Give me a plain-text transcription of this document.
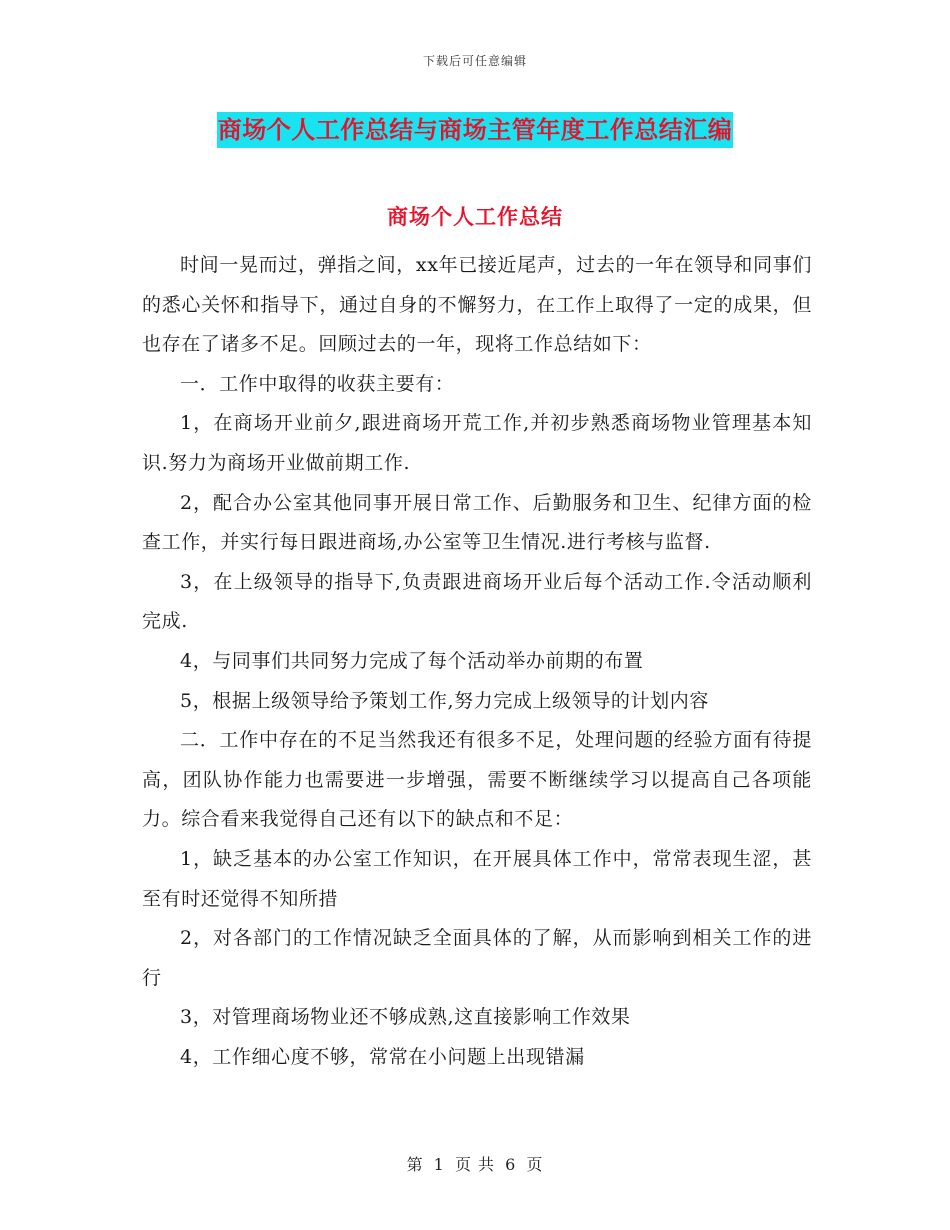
下载后可任意编辑
商场个人工作总结与商场主管年度工作总结汇编
商场个人工作总结

时间一晃而过，弹指之间，xx年已接近尾声，过去的一年在领导和同事们的悉心关怀和指导下，通过自身的不懈努力，在工作上取得了一定的成果，但也存在了诸多不足。回顾过去的一年，现将工作总结如下：

一．工作中取得的收获主要有：

1，在商场开业前夕,跟进商场开荒工作,并初步熟悉商场物业管理基本知识.努力为商场开业做前期工作.

2，配合办公室其他同事开展日常工作、后勤服务和卫生、纪律方面的检查工作，并实行每日跟进商场,办公室等卫生情况.进行考核与监督.

3，在上级领导的指导下,负责跟进商场开业后每个活动工作.令活动顺利完成.

4，与同事们共同努力完成了每个活动举办前期的布置

5，根据上级领导给予策划工作,努力完成上级领导的计划内容

二．工作中存在的不足当然我还有很多不足，处理问题的经验方面有待提高，团队协作能力也需要进一步增强，需要不断继续学习以提高自己各项能力。综合看来我觉得自己还有以下的缺点和不足：

1，缺乏基本的办公室工作知识，在开展具体工作中，常常表现生涩，甚至有时还觉得不知所措

2，对各部门的工作情况缺乏全面具体的了解，从而影响到相关工作的进行

3，对管理商场物业还不够成熟,这直接影响工作效果

4，工作细心度不够，常常在小问题上出现错漏

第 1 页 共 6 页
